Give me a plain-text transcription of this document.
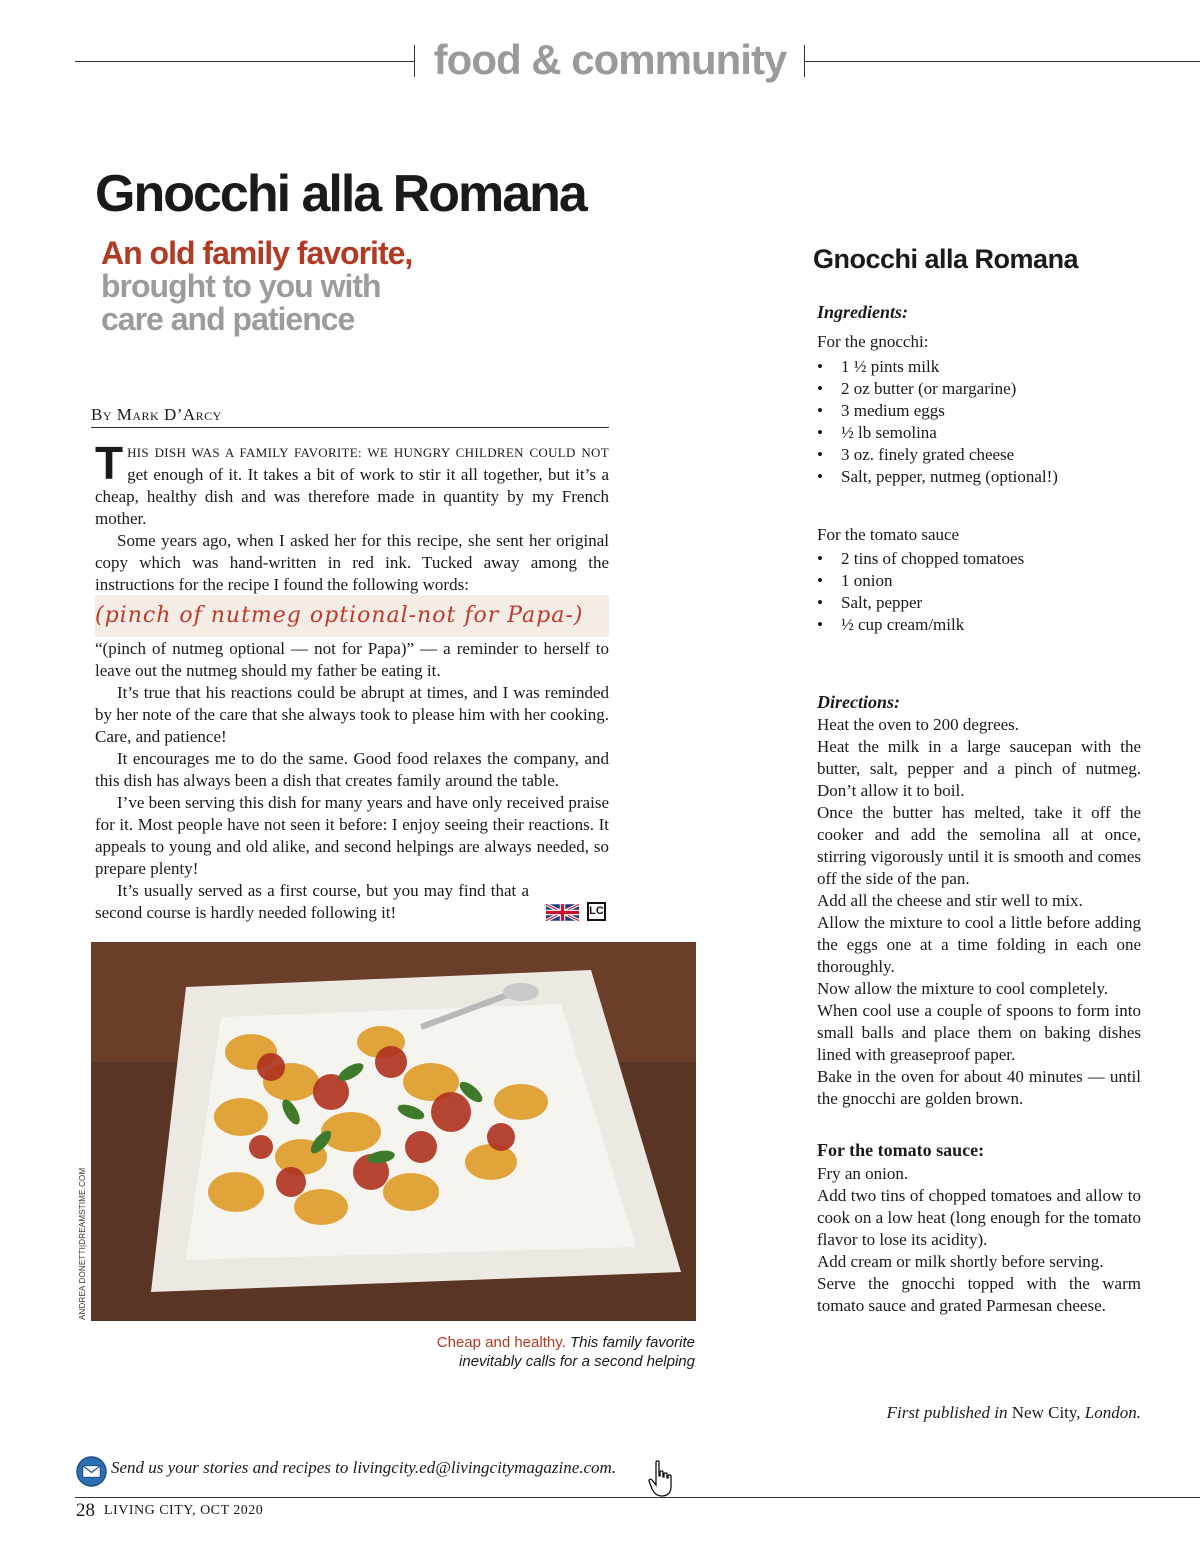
food & community
Gnocchi alla Romana
An old family favorite,
brought to you with
care and patience
By Mark D’Arcy

THIS DISH WAS A FAMILY FAVORITE: WE HUNGRY CHILDREN COULD NOT get enough of it. It takes a bit of work to stir it all together, but it’s a cheap, healthy dish and was therefore made in quantity by my French mother.

Some years ago, when I asked her for this recipe, she sent her original copy which was hand-written in red ink. Tucked away among the instructions for the recipe I found the following words:

(pinch of nutmeg optional-not for Papa-)

“(pinch of nutmeg optional — not for Papa)” — a reminder to herself to leave out the nutmeg should my father be eating it.

It’s true that his reactions could be abrupt at times, and I was reminded by her note of the care that she always took to please him with her cooking. Care, and patience!

It encourages me to do the same. Good food relaxes the company, and this dish has always been a dish that creates family around the table.

I’ve been serving this dish for many years and have only received praise for it. Most people have not seen it before: I enjoy seeing their reactions. It appeals to young and old alike, and second helpings are always needed, so prepare plenty!

It’s usually served as a first course, but you may find that a second course is hardly needed following it!	LC
ANDREA DONETTI|DREAMSTIME.COM
Cheap and healthy. This family favorite inevitably calls for a second helping
Gnocchi alla Romana
Ingredients:
For the gnocchi:
• 1 ½ pints milk
• 2 oz butter (or margarine)
• 3 medium eggs
• ½ lb semolina
• 3 oz. finely grated cheese
• Salt, pepper, nutmeg (optional!)
For the tomato sauce
• 2 tins of chopped tomatoes
• 1 onion
• Salt, pepper
• ½ cup cream/milk
Directions:
Heat the oven to 200 degrees.
Heat the milk in a large saucepan with the butter, salt, pepper and a pinch of nutmeg. Don’t allow it to boil.
Once the butter has melted, take it off the cooker and add the semolina all at once, stirring vigorously until it is smooth and comes off the side of the pan.
Add all the cheese and stir well to mix.
Allow the mixture to cool a little before adding the eggs one at a time folding in each one thoroughly.
Now allow the mixture to cool completely.
When cool use a couple of spoons to form into small balls and place them on baking dishes lined with greaseproof paper.
Bake in the oven for about 40 minutes — until the gnocchi are golden brown.
For the tomato sauce:
Fry an onion.
Add two tins of chopped tomatoes and allow to cook on a low heat (long enough for the tomato flavor to lose its acidity).
Add cream or milk shortly before serving.
Serve the gnocchi topped with the warm tomato sauce and grated Parmesan cheese.
First published in New City, London.
Send us your stories and recipes to livingcity.ed@livingcitymagazine.com.
28 LIVING CITY, OCT 2020
